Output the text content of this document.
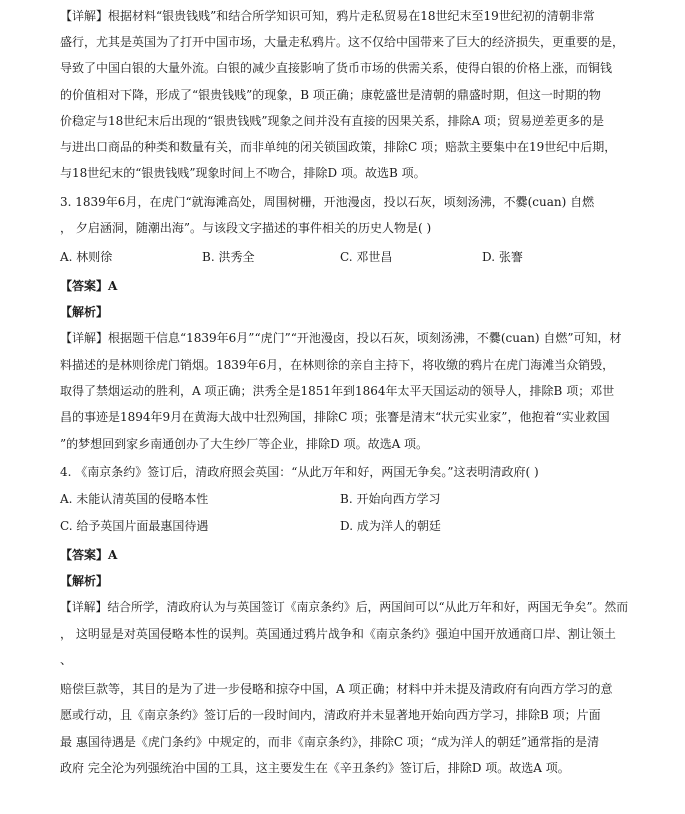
【详解】根据材料“银贵钱贱”和结合所学知识可知，鸦片走私贸易在18世纪末至19世纪初的清朝非常
盛行，尤其是英国为了打开中国市场，大量走私鸦片。这不仅给中国带来了巨大的经济损失，更重要的是，
导致了中国白银的大量外流。白银的减少直接影响了货币市场的供需关系，使得白银的价格上涨，而铜钱
的价值相对下降，形成了“银贵钱贱”的现象，B 项正确；康乾盛世是清朝的鼎盛时期，但这一时期的物
价稳定与18世纪末后出现的“银贵钱贱”现象之间并没有直接的因果关系，排除A 项；贸易逆差更多的是
与进出口商品的种类和数量有关，而非单纯的闭关锁国政策，排除C 项；赔款主要集中在19世纪中后期，
与18世纪末的“银贵钱贱”现象时间上不吻合，排除D 项。故选B 项。
3. 1839年6月，在虎门“就海滩高处，周围树栅，开池漫卤，投以石灰，顷刻汤沸，不爨(cuan) 自燃
， 夕启涵洞，随潮出海”。与该段文字描述的事件相关的历史人物是( )
A. 林则徐	B. 洪秀全	C. 邓世昌	D. 张謇
【答案】A
【解析】
【详解】根据题干信息“1839年6月”“虎门”“开池漫卤，投以石灰，顷刻汤沸，不爨(cuan) 自燃”可知，材
料描述的是林则徐虎门销烟。1839年6月，在林则徐的亲自主持下，将收缴的鸦片在虎门海滩当众销毁，
取得了禁烟运动的胜利，A 项正确；洪秀全是1851年到1864年太平天国运动的领导人，排除B 项；邓世
昌的事迹是1894年9月在黄海大战中壮烈殉国，排除C 项；张謇是清末“状元实业家”，他抱着“实业救国
”的梦想回到家乡南通创办了大生纱厂等企业，排除D 项。故选A 项。
4. 《南京条约》签订后，清政府照会英国：“从此万年和好，两国无争矣。”这表明清政府( )
A. 未能认清英国的侵略本性	B. 开始向西方学习
C. 给予英国片面最惠国待遇	D. 成为洋人的朝廷
【答案】A
【解析】
【详解】结合所学，清政府认为与英国签订《南京条约》后，两国间可以“从此万年和好，两国无争矣”。然而
， 这明显是对英国侵略本性的误判。英国通过鸦片战争和《南京条约》强迫中国开放通商口岸、割让领土
、
赔偿巨款等，其目的是为了进一步侵略和掠夺中国，A 项正确；材料中并未提及清政府有向西方学习的意
愿或行动，且《南京条约》签订后的一段时间内，清政府并未显著地开始向西方学习，排除B 项；片面
最 惠国待遇是《虎门条约》中规定的，而非《南京条约》，排除C 项；“成为洋人的朝廷”通常指的是清
政府 完全沦为列强统治中国的工具，这主要发生在《辛丑条约》签订后，排除D 项。故选A 项。
